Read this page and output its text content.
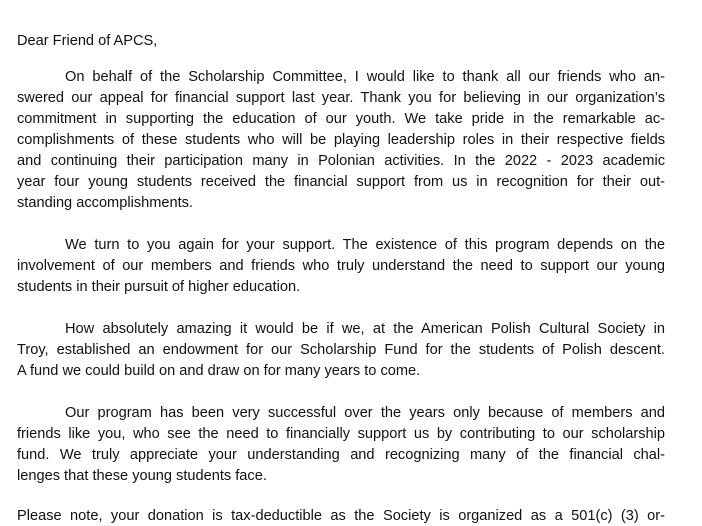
Dear Friend of APCS,
On behalf of the Scholarship Committee, I would like to thank all our friends who an-
swered our appeal for financial support last year. Thank you for believing in our organization’s
commitment in supporting the education of our youth. We take pride in the remarkable ac-
complishments of these students who will be playing leadership roles in their respective fields
and continuing their participation many in Polonian activities. In the 2022 - 2023 academic
year four young students received the financial support from us in recognition for their out-
standing accomplishments.
We turn to you again for your support. The existence of this program depends on the
involvement of our members and friends who truly understand the need to support our young
students in their pursuit of higher education.
How absolutely amazing it would be if we, at the American Polish Cultural Society in
Troy, established an endowment for our Scholarship Fund for the students of Polish descent.
A fund we could build on and draw on for many years to come.
Our program has been very successful over the years only because of members and
friends like you, who see the need to financially support us by contributing to our scholarship
fund. We truly appreciate your understanding and recognizing many of the financial chal-
lenges that these young students face.
Please note, your donation is tax-deductible as the Society is organized as a 501(c) (3) or-
